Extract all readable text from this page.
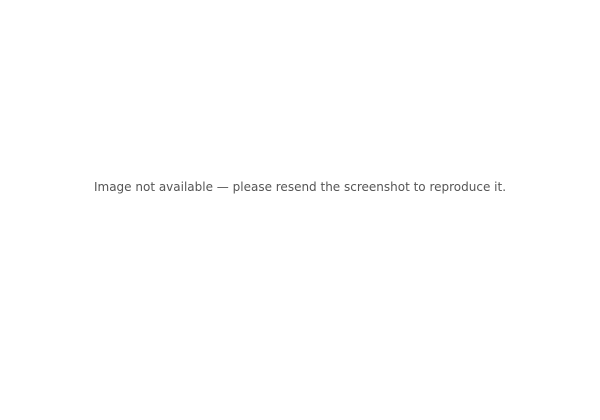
Image not available — please resend the screenshot to reproduce it.
